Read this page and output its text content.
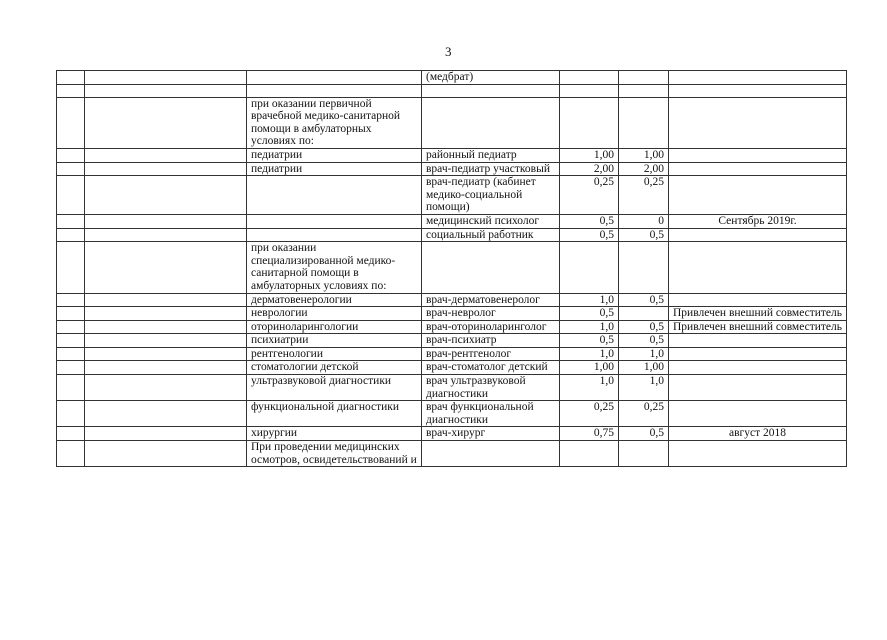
3
			(медбрат)			

		при оказании первичной врачебной медико-санитарной помощи в амбулаторных условиях по:				
		педиатрии	районный педиатр	1,00	1,00	
		педиатрии	врач-педиатр участковый	2,00	2,00	
			врач-педиатр (кабинет медико-социальной помощи)	0,25	0,25	
			медицинский психолог	0,5	0	Сентябрь 2019г.
			социальный работник	0,5	0,5	
		при оказании специализированной медико-санитарной помощи в амбулаторных условиях по:				
		дерматовенерологии	врач-дерматовенеролог	1,0	0,5	
		неврологии	врач-невролог	0,5		Привлечен внешний совместитель
		оториноларингологии	врач-оториноларинголог	1,0	0,5	Привлечен внешний совместитель
		психиатрии	врач-психиатр	0,5	0,5	
		рентгенологии	врач-рентгенолог	1,0	1,0	
		стоматологии детской	врач-стоматолог детский	1,00	1,00	
		ультразвуковой диагностики	врач ультразвуковой диагностики	1,0	1,0	
		функциональной диагностики	врач функциональной диагностики	0,25	0,25	
		хирургии	врач-хирург	0,75	0,5	август 2018
		При проведении медицинских осмотров, освидетельствований и				
